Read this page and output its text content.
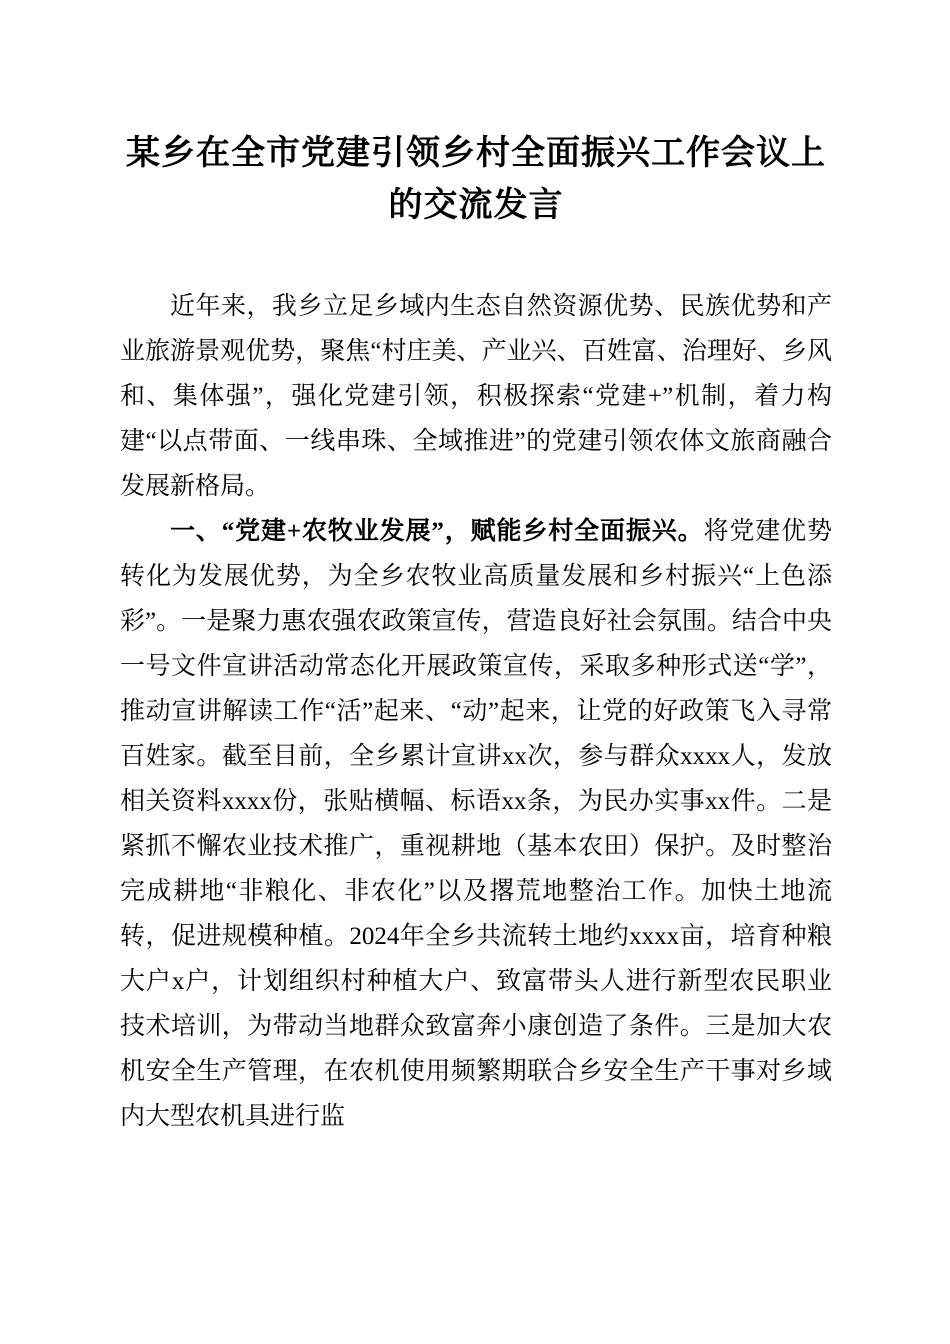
某乡在全市党建引领乡村全面振兴工作会议上的交流发言

近年来，我乡立足乡域内生态自然资源优势、民族优势和产业旅游景观优势，聚焦“村庄美、产业兴、百姓富、治理好、乡风和、集体强”，强化党建引领，积极探索“党建+”机制，着力构建“以点带面、一线串珠、全域推进”的党建引领农体文旅商融合发展新格局。

一、“党建+农牧业发展”，赋能乡村全面振兴。将党建优势转化为发展优势，为全乡农牧业高质量发展和乡村振兴“上色添彩”。一是聚力惠农强农政策宣传，营造良好社会氛围。结合中央一号文件宣讲活动常态化开展政策宣传，采取多种形式送“学”，推动宣讲解读工作“活”起来、“动”起来，让党的好政策飞入寻常百姓家。截至目前，全乡累计宣讲xx次，参与群众xxxx人，发放相关资料xxxx份，张贴横幅、标语xx条，为民办实事xx件。二是紧抓不懈农业技术推广，重视耕地（基本农田）保护。及时整治完成耕地“非粮化、非农化”以及撂荒地整治工作。加快土地流转，促进规模种植。2024年全乡共流转土地约xxxx亩，培育种粮大户x户，计划组织村种植大户、致富带头人进行新型农民职业技术培训，为带动当地群众致富奔小康创造了条件。三是加大农机安全生产管理，在农机使用频繁期联合乡安全生产干事对乡域内大型农机具进行监
